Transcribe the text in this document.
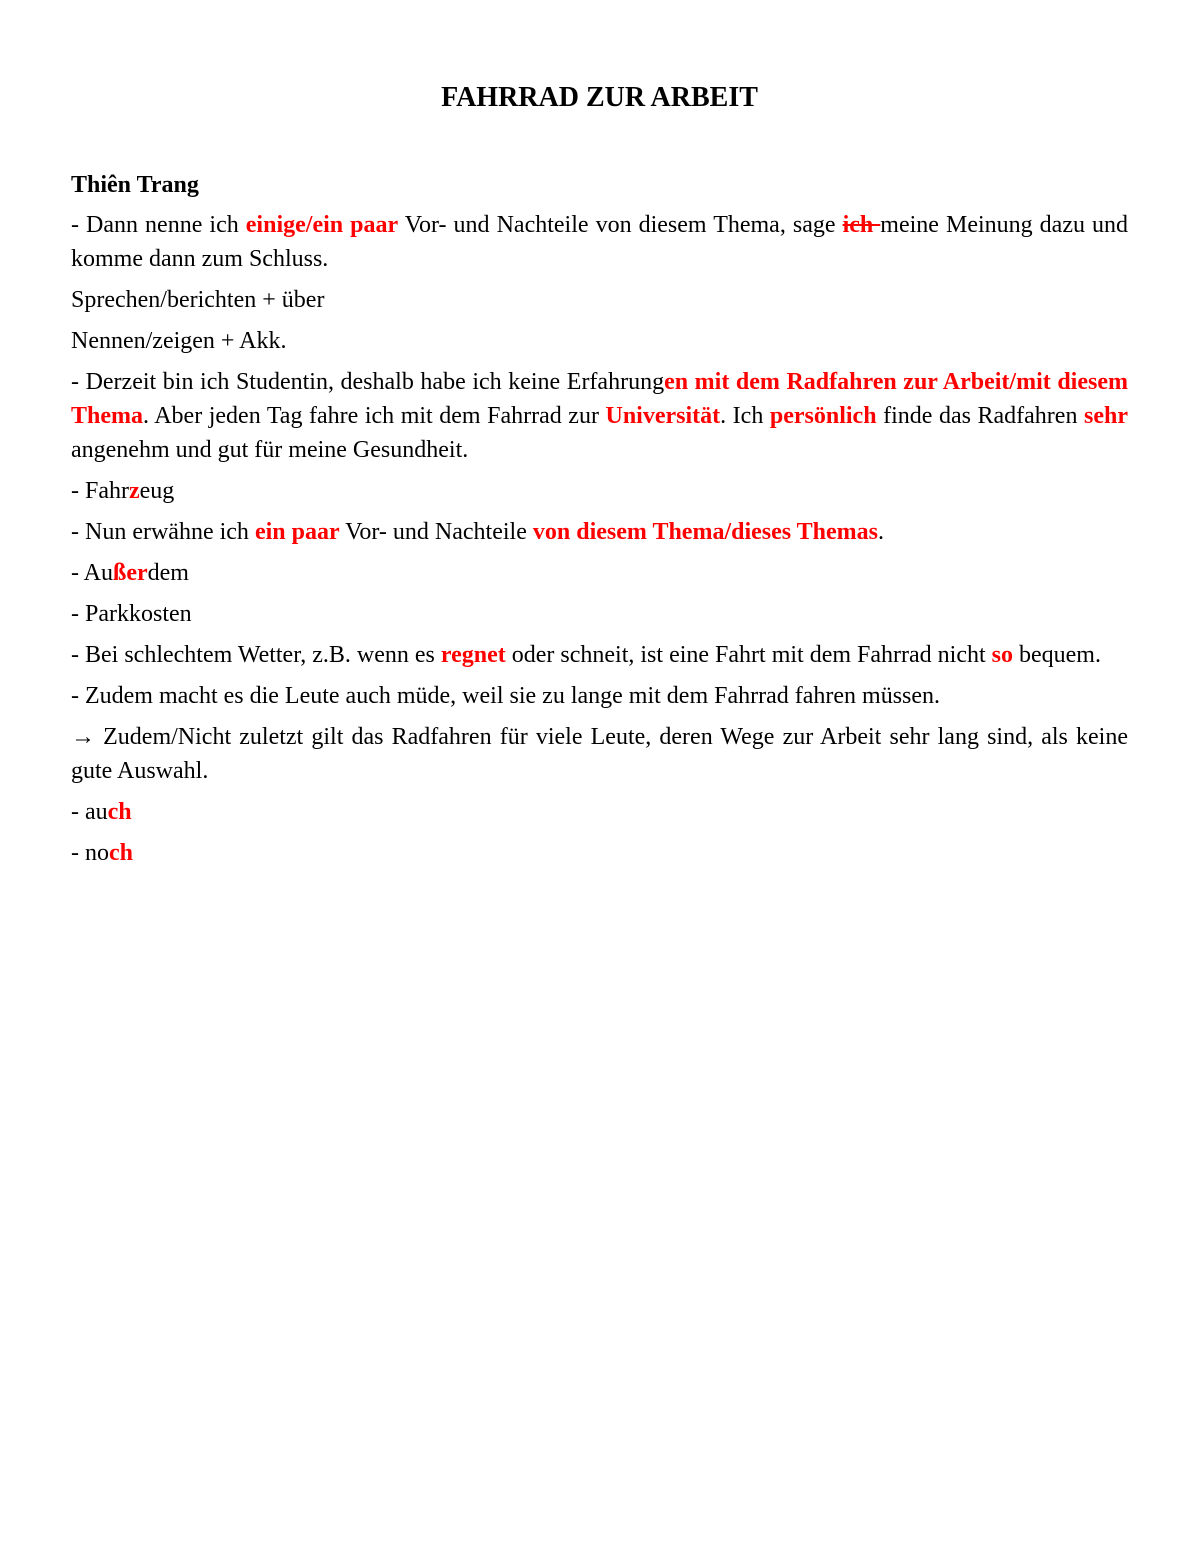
FAHRRAD ZUR ARBEIT
Thiên Trang

- Dann nenne ich einige/ein paar Vor- und Nachteile von diesem Thema, sage ich meine Meinung dazu und komme dann zum Schluss.

Sprechen/berichten + über

Nennen/zeigen + Akk.

- Derzeit bin ich Studentin, deshalb habe ich keine Erfahrungen mit dem Radfahren zur Arbeit/mit diesem Thema. Aber jeden Tag fahre ich mit dem Fahrrad zur Universität. Ich persönlich finde das Radfahren sehr angenehm und gut für meine Gesundheit.

- Fahrzeug

- Nun erwähne ich ein paar Vor- und Nachteile von diesem Thema/dieses Themas.

- Außerdem

- Parkkosten

- Bei schlechtem Wetter, z.B. wenn es regnet oder schneit, ist eine Fahrt mit dem Fahrrad nicht so bequem.

- Zudem macht es die Leute auch müde, weil sie zu lange mit dem Fahrrad fahren müssen.

→ Zudem/Nicht zuletzt gilt das Radfahren für viele Leute, deren Wege zur Arbeit sehr lang sind, als keine gute Auswahl.

- auch

- noch
